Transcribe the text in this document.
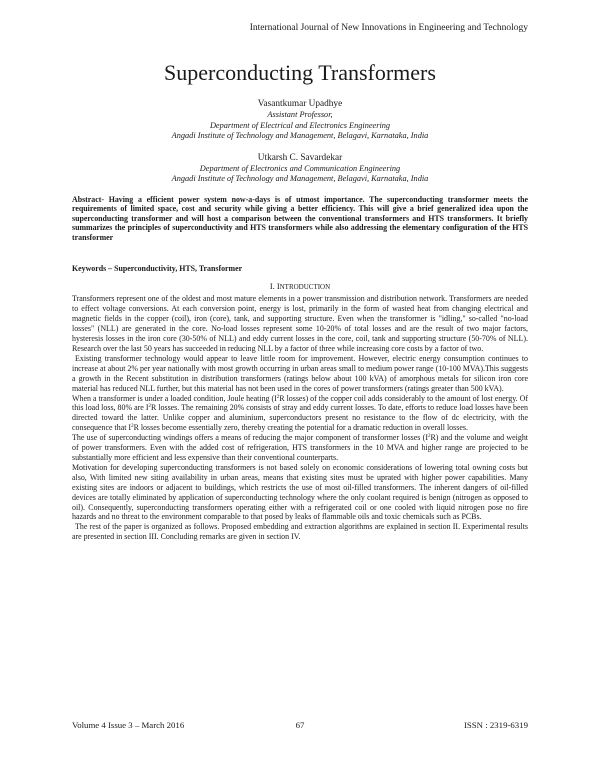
International Journal of New Innovations in Engineering and Technology
Superconducting Transformers
Vasantkumar Upadhye
Assistant Professor,
Department of Electrical and Electronics Engineering
Angadi Institute of Technology and Management, Belagavi, Karnataka, India
Utkarsh C. Savardekar
Department of Electronics and Communication Engineering
Angadi Institute of Technology and Management, Belagavi, Karnataka, India

Abstract- Having a efficient power system now-a-days is of utmost importance. The superconducting transformer meets the requirements of limited space, cost and security while giving a better efficiency. This will give a brief generalized idea upon the superconducting transformer and will host a comparison between the conventional transformers and HTS transformers. It briefly summarizes the principles of superconductivity and HTS transformers while also addressing the elementary configuration of the HTS transformer

Keywords – Superconductivity, HTS, Transformer
I. INTRODUCTION

Transformers represent one of the oldest and most mature elements in a power transmission and distribution network. Transformers are needed to effect voltage conversions. At each conversion point, energy is lost, primarily in the form of wasted heat from changing electrical and magnetic fields in the copper (coil), iron (core), tank, and supporting structure. Even when the transformer is "idling," so-called "no-load losses" (NLL) are generated in the core. No-load losses represent some 10-20% of total losses and are the result of two major factors, hysteresis losses in the iron core (30-50% of NLL) and eddy current losses in the core, coil, tank and supporting structure (50-70% of NLL). Research over the last 50 years has succeeded in reducing NLL by a factor of three while increasing core costs by a factor of two.

Existing transformer technology would appear to leave little room for improvement. However, electric energy consumption continues to increase at about 2% per year nationally with most growth occurring in urban areas small to medium power range (10-100 MVA).This suggests a growth in the Recent substitution in distribution transformers (ratings below about 100 kVA) of amorphous metals for silicon iron core material has reduced NLL further, but this material has not been used in the cores of power transformers (ratings greater than 500 kVA).

When a transformer is under a loaded condition, Joule heating ($I^2R$ losses) of the copper coil adds considerably to the amount of lost energy. Of this load loss, 80% are $I^2R$ losses. The remaining 20% consists of stray and eddy current losses. To date, efforts to reduce load losses have been directed toward the latter. Unlike copper and aluminium, superconductors present no resistance to the flow of dc electricity, with the consequence that $I^2R$ losses become essentially zero, thereby creating the potential for a dramatic reduction in overall losses.

The use of superconducting windings offers a means of reducing the major component of transformer losses $(I^2R)$ and the volume and weight of power transformers. Even with the added cost of refrigeration, HTS transformers in the 10 MVA and higher range are projected to be substantially more efficient and less expensive than their conventional counterparts.

Motivation for developing superconducting transformers is not based solely on economic considerations of lowering total owning costs but also, With limited new siting availability in urban areas, means that existing sites must be uprated with higher power capabilities. Many existing sites are indoors or adjacent to buildings, which restricts the use of most oil-filled transformers. The inherent dangers of oil-filled devices are totally eliminated by application of superconducting technology where the only coolant required is benign (nitrogen as opposed to oil). Consequently, superconducting transformers operating either with a refrigerated coil or one cooled with liquid nitrogen pose no fire hazards and no threat to the environment comparable to that posed by leaks of flammable oils and toxic chemicals such as PCBs.

The rest of the paper is organized as follows. Proposed embedding and extraction algorithms are explained in section II. Experimental results are presented in section III. Concluding remarks are given in section IV.

Volume 4 Issue 3 – March 2016	67	ISSN : 2319-6319
